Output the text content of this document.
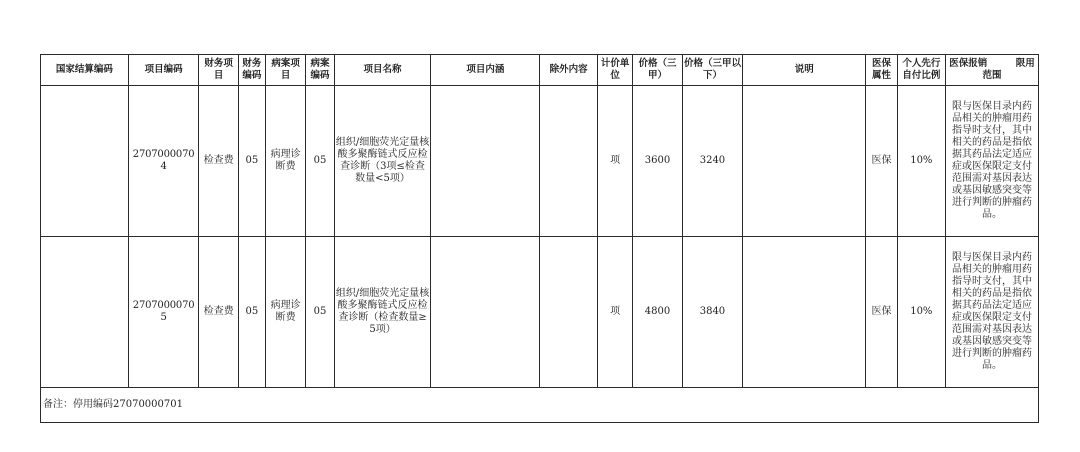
国家结算编码	项目编码	财务项目	财务编码	病案项目	病案编码	项目名称	项目内涵	除外内容	计价单位	价格（三甲）	价格（三甲以下）	说明	医保属性	个人先行自付比例	医保报销　　　限用范围
	27070000704	检查费	05	病理诊断费	05	组织/细胞荧光定量核酸多聚酶链式反应检查诊断（3项≤检查数量<5项）			项	3600	3240		医保	10%	限与医保目录内药品相关的肿瘤用药指导时支付，其中相关的药品是指依据其药品法定适应症或医保限定支付范围需对基因表达或基因敏感突变等进行判断的肿瘤药品。
	27070000705	检查费	05	病理诊断费	05	组织/细胞荧光定量核酸多聚酶链式反应检查诊断（检查数量≥5项）			项	4800	3840		医保	10%	限与医保目录内药品相关的肿瘤用药指导时支付，其中相关的药品是指依据其药品法定适应症或医保限定支付范围需对基因表达或基因敏感突变等进行判断的肿瘤药品。
备注：停用编码27070000701															
